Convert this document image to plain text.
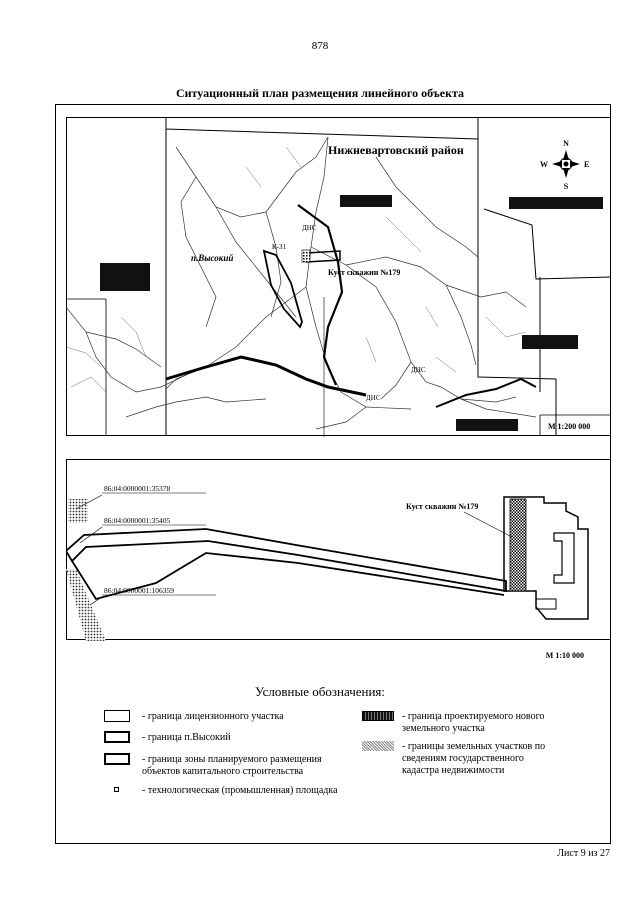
878
Ситуационный план размещения линейного объекта
N
S
W	E
Нижневартовский район
п.Высокий
Куст скважин №179
ДНС
ДНС
ДНС
К-31
М 1:200 000
86:04:0000001:35378
86:04:0000001:35405
86:04:0000001:106359
Куст скважин №179
М 1:10 000
Условные обозначения:
- граница лицензионного участка
- граница п.Высокий
- граница зоны планируемого размещения объектов капитального строительства
- технологическая (промышленная) площадка
- граница проектируемого нового земельного участка
- границы земельных участков по сведениям государственного кадастра недвижимости
Лист 9 из 27
